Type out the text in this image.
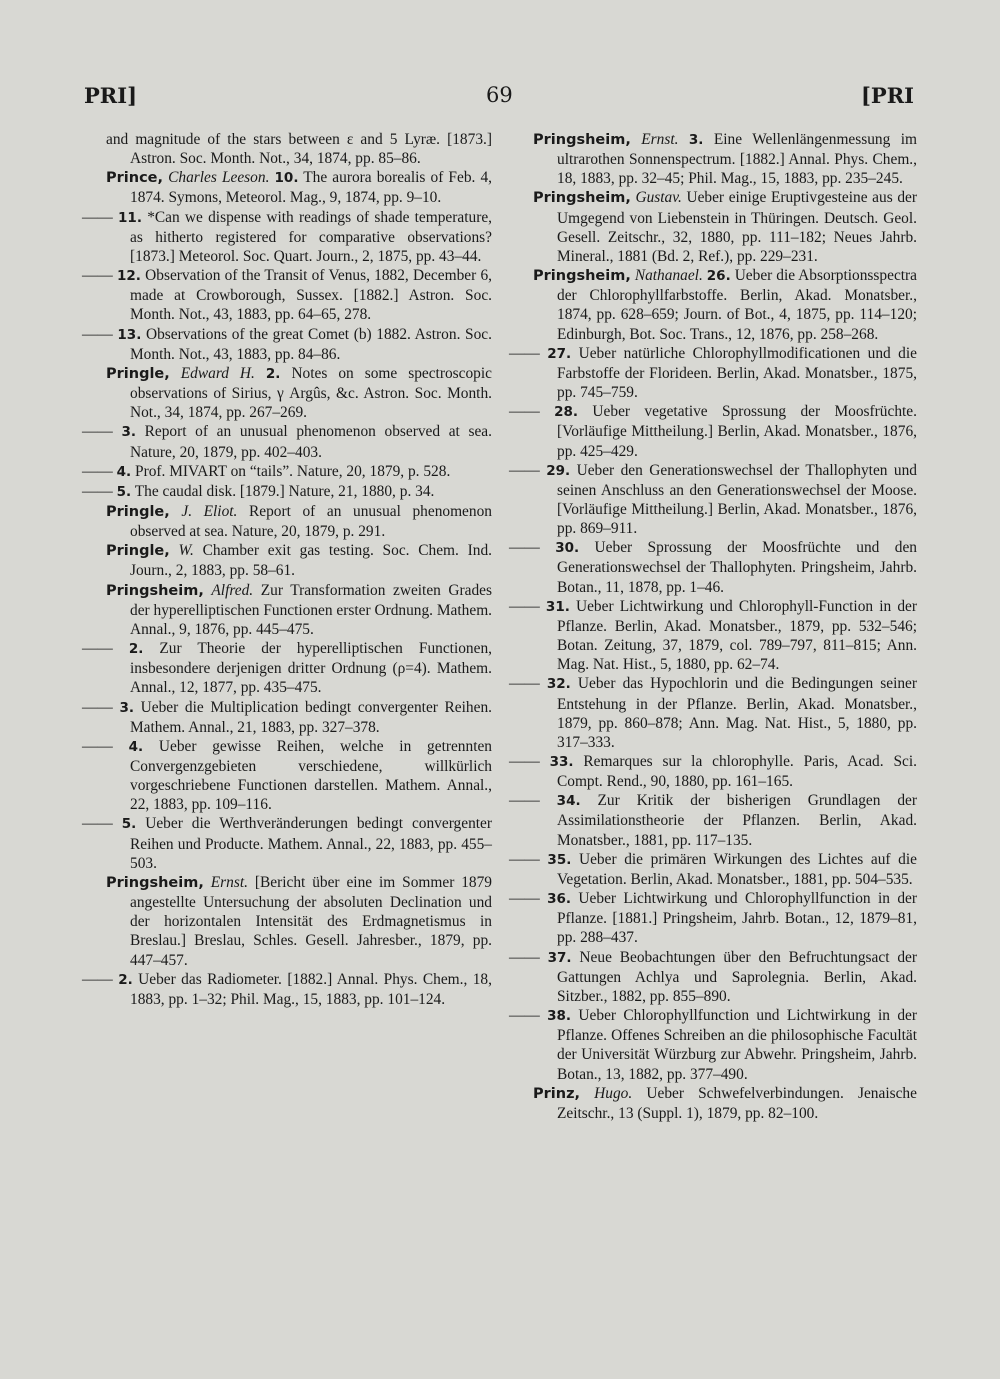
PRI]	69	[PRI

and magnitude of the stars between ε and 5 Lyræ. [1873.] Astron. Soc. Month. Not., 34, 1874, pp. 85–86.

Prince, Charles Leeson. 10. The aurora borealis of Feb. 4, 1874. Symons, Meteorol. Mag., 9, 1874, pp. 9–10.

—— 11. *Can we dispense with readings of shade temperature, as hitherto registered for comparative observations? [1873.] Meteorol. Soc. Quart. Journ., 2, 1875, pp. 43–44.

—— 12. Observation of the Transit of Venus, 1882, December 6, made at Crowborough, Sussex. [1882.] Astron. Soc. Month. Not., 43, 1883, pp. 64–65, 278.

—— 13. Observations of the great Comet (b) 1882. Astron. Soc. Month. Not., 43, 1883, pp. 84–86.

Pringle, Edward H. 2. Notes on some spectroscopic observations of Sirius, γ Argûs, &c. Astron. Soc. Month. Not., 34, 1874, pp. 267–269.

—— 3. Report of an unusual phenomenon observed at sea. Nature, 20, 1879, pp. 402–403.

—— 4. Prof. MIVART on “tails”. Nature, 20, 1879, p. 528.

—— 5. The caudal disk. [1879.] Nature, 21, 1880, p. 34.

Pringle, J. Eliot. Report of an unusual phenomenon observed at sea. Nature, 20, 1879, p. 291.

Pringle, W. Chamber exit gas testing. Soc. Chem. Ind. Journ., 2, 1883, pp. 58–61.

Pringsheim, Alfred. Zur Transformation zweiten Grades der hyperelliptischen Functionen erster Ordnung. Mathem. Annal., 9, 1876, pp. 445–475.

—— 2. Zur Theorie der hyperelliptischen Functionen, insbesondere derjenigen dritter Ordnung (ρ=4). Mathem. Annal., 12, 1877, pp. 435–475.

—— 3. Ueber die Multiplication bedingt convergenter Reihen. Mathem. Annal., 21, 1883, pp. 327–378.

—— 4. Ueber gewisse Reihen, welche in getrennten Convergenzgebieten verschiedene, willkürlich vorgeschriebene Functionen darstellen. Mathem. Annal., 22, 1883, pp. 109–116.

—— 5. Ueber die Werthveränderungen bedingt convergenter Reihen und Producte. Mathem. Annal., 22, 1883, pp. 455–503.

Pringsheim, Ernst. [Bericht über eine im Sommer 1879 angestellte Untersuchung der absoluten Declination und der horizontalen Intensität des Erdmagnetismus in Breslau.] Breslau, Schles. Gesell. Jahresber., 1879, pp. 447–457.

—— 2. Ueber das Radiometer. [1882.] Annal. Phys. Chem., 18, 1883, pp. 1–32; Phil. Mag., 15, 1883, pp. 101–124.

Pringsheim, Ernst. 3. Eine Wellenlängenmessung im ultrarothen Sonnenspectrum. [1882.] Annal. Phys. Chem., 18, 1883, pp. 32–45; Phil. Mag., 15, 1883, pp. 235–245.

Pringsheim, Gustav. Ueber einige Eruptivgesteine aus der Umgegend von Liebenstein in Thüringen. Deutsch. Geol. Gesell. Zeitschr., 32, 1880, pp. 111–182; Neues Jahrb. Mineral., 1881 (Bd. 2, Ref.), pp. 229–231.

Pringsheim, Nathanael. 26. Ueber die Absorptionsspectra der Chlorophyllfarbstoffe. Berlin, Akad. Monatsber., 1874, pp. 628–659; Journ. of Bot., 4, 1875, pp. 114–120; Edinburgh, Bot. Soc. Trans., 12, 1876, pp. 258–268.

—— 27. Ueber natürliche Chlorophyllmodificationen und die Farbstoffe der Florideen. Berlin, Akad. Monatsber., 1875, pp. 745–759.

—— 28. Ueber vegetative Sprossung der Moosfrüchte. [Vorläufige Mittheilung.] Berlin, Akad. Monatsber., 1876, pp. 425–429.

—— 29. Ueber den Generationswechsel der Thallophyten und seinen Anschluss an den Generationswechsel der Moose. [Vorläufige Mittheilung.] Berlin, Akad. Monatsber., 1876, pp. 869–911.

—— 30. Ueber Sprossung der Moosfrüchte und den Generationswechsel der Thallophyten. Pringsheim, Jahrb. Botan., 11, 1878, pp. 1–46.

—— 31. Ueber Lichtwirkung und Chlorophyll-Function in der Pflanze. Berlin, Akad. Monatsber., 1879, pp. 532–546; Botan. Zeitung, 37, 1879, col. 789–797, 811–815; Ann. Mag. Nat. Hist., 5, 1880, pp. 62–74.

—— 32. Ueber das Hypochlorin und die Bedingungen seiner Entstehung in der Pflanze. Berlin, Akad. Monatsber., 1879, pp. 860–878; Ann. Mag. Nat. Hist., 5, 1880, pp. 317–333.

—— 33. Remarques sur la chlorophylle. Paris, Acad. Sci. Compt. Rend., 90, 1880, pp. 161–165.

—— 34. Zur Kritik der bisherigen Grundlagen der Assimilationstheorie der Pflanzen. Berlin, Akad. Monatsber., 1881, pp. 117–135.

—— 35. Ueber die primären Wirkungen des Lichtes auf die Vegetation. Berlin, Akad. Monatsber., 1881, pp. 504–535.

—— 36. Ueber Lichtwirkung und Chlorophyllfunction in der Pflanze. [1881.] Pringsheim, Jahrb. Botan., 12, 1879–81, pp. 288–437.

—— 37. Neue Beobachtungen über den Befruchtungsact der Gattungen Achlya und Saprolegnia. Berlin, Akad. Sitzber., 1882, pp. 855–890.

—— 38. Ueber Chlorophyllfunction und Lichtwirkung in der Pflanze. Offenes Schreiben an die philosophische Facultät der Universität Würzburg zur Abwehr. Pringsheim, Jahrb. Botan., 13, 1882, pp. 377–490.

Prinz, Hugo. Ueber Schwefelverbindungen. Jenaische Zeitschr., 13 (Suppl. 1), 1879, pp. 82–100.
